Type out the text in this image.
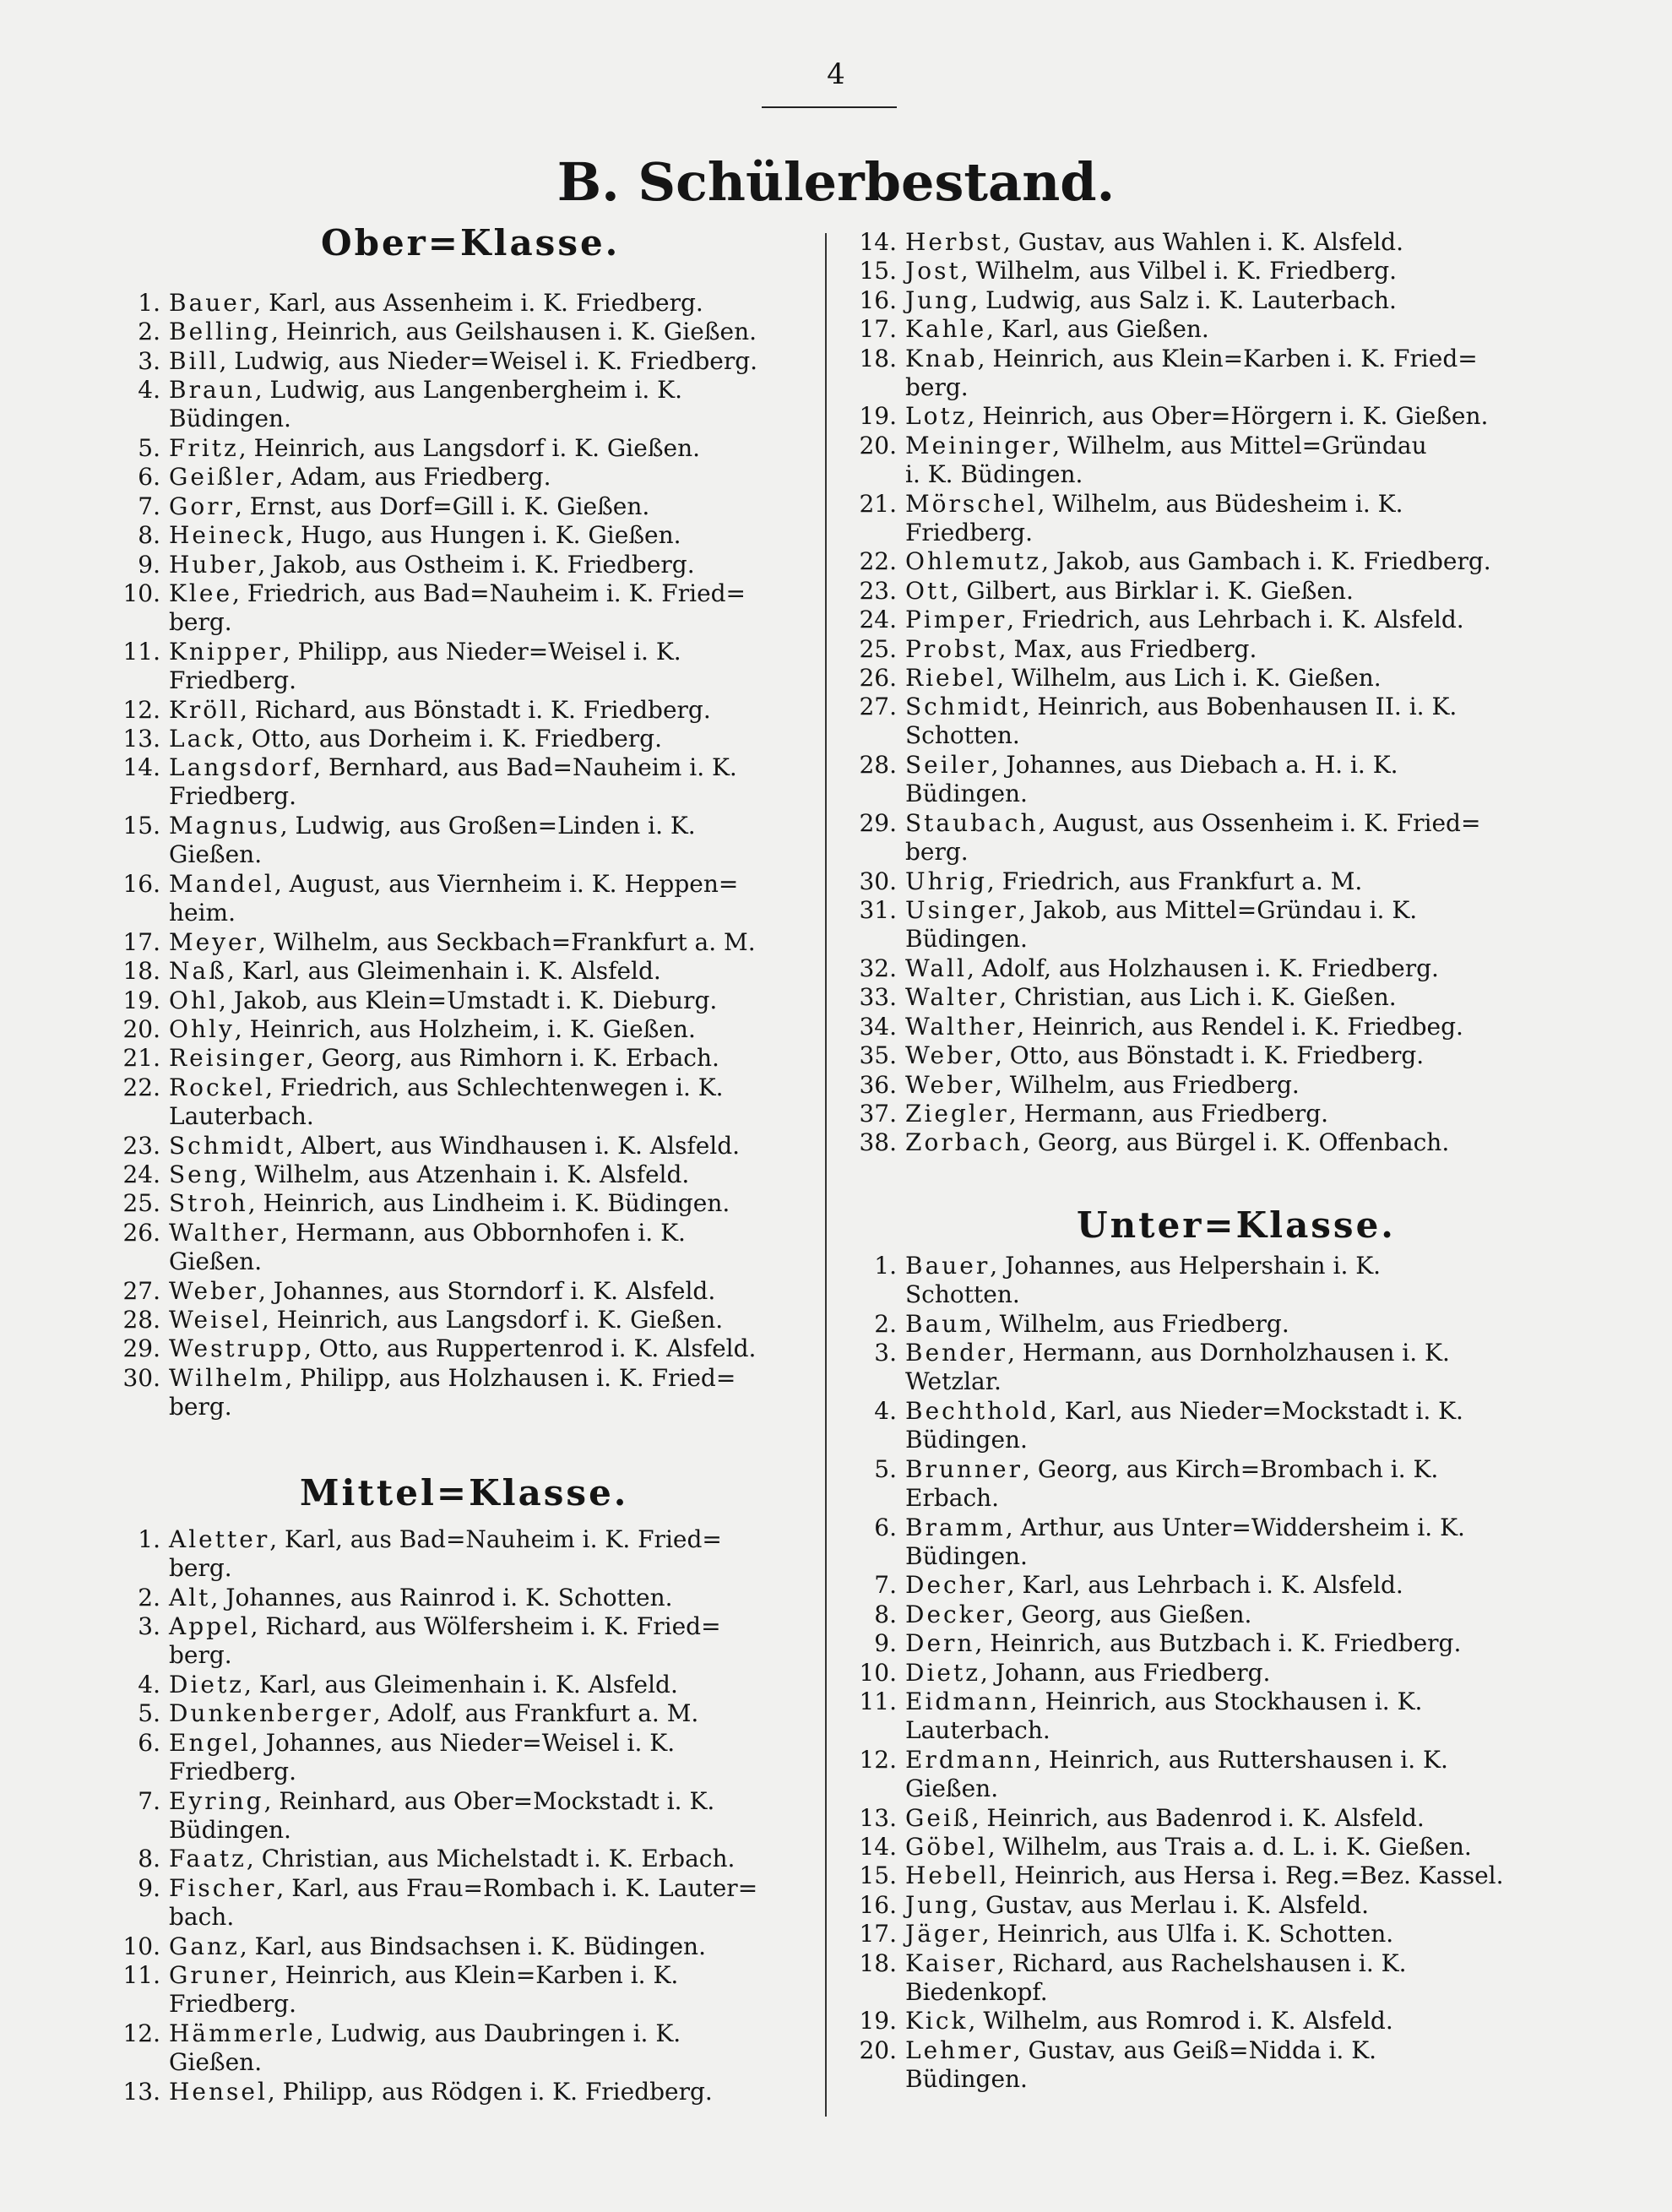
4
B. Schülerbestand.
Ober=Klasse.
1. Bauer, Karl, aus Assenheim i. K. Friedberg.
2. Belling, Heinrich, aus Geilshausen i. K. Gießen.
3. Bill, Ludwig, aus Nieder=Weisel i. K. Friedberg.
4. Braun, Ludwig, aus Langenbergheim i. K.
Büdingen.
5. Fritz, Heinrich, aus Langsdorf i. K. Gießen.
6. Geißler, Adam, aus Friedberg.
7. Gorr, Ernst, aus Dorf=Gill i. K. Gießen.
8. Heineck, Hugo, aus Hungen i. K. Gießen.
9. Huber, Jakob, aus Ostheim i. K. Friedberg.
10. Klee, Friedrich, aus Bad=Nauheim i. K. Fried=
berg.
11. Knipper, Philipp, aus Nieder=Weisel i. K.
Friedberg.
12. Kröll, Richard, aus Bönstadt i. K. Friedberg.
13. Lack, Otto, aus Dorheim i. K. Friedberg.
14. Langsdorf, Bernhard, aus Bad=Nauheim i. K.
Friedberg.
15. Magnus, Ludwig, aus Großen=Linden i. K.
Gießen.
16. Mandel, August, aus Viernheim i. K. Heppen=
heim.
17. Meyer, Wilhelm, aus Seckbach=Frankfurt a. M.
18. Naß, Karl, aus Gleimenhain i. K. Alsfeld.
19. Ohl, Jakob, aus Klein=Umstadt i. K. Dieburg.
20. Ohly, Heinrich, aus Holzheim, i. K. Gießen.
21. Reisinger, Georg, aus Rimhorn i. K. Erbach.
22. Rockel, Friedrich, aus Schlechtenwegen i. K.
Lauterbach.
23. Schmidt, Albert, aus Windhausen i. K. Alsfeld.
24. Seng, Wilhelm, aus Atzenhain i. K. Alsfeld.
25. Stroh, Heinrich, aus Lindheim i. K. Büdingen.
26. Walther, Hermann, aus Obbornhofen i. K.
Gießen.
27. Weber, Johannes, aus Storndorf i. K. Alsfeld.
28. Weisel, Heinrich, aus Langsdorf i. K. Gießen.
29. Westrupp, Otto, aus Ruppertenrod i. K. Alsfeld.
30. Wilhelm, Philipp, aus Holzhausen i. K. Fried=
berg.
Mittel=Klasse.
1. Aletter, Karl, aus Bad=Nauheim i. K. Fried=
berg.
2. Alt, Johannes, aus Rainrod i. K. Schotten.
3. Appel, Richard, aus Wölfersheim i. K. Fried=
berg.
4. Dietz, Karl, aus Gleimenhain i. K. Alsfeld.
5. Dunkenberger, Adolf, aus Frankfurt a. M.
6. Engel, Johannes, aus Nieder=Weisel i. K.
Friedberg.
7. Eyring, Reinhard, aus Ober=Mockstadt i. K.
Büdingen.
8. Faatz, Christian, aus Michelstadt i. K. Erbach.
9. Fischer, Karl, aus Frau=Rombach i. K. Lauter=
bach.
10. Ganz, Karl, aus Bindsachsen i. K. Büdingen.
11. Gruner, Heinrich, aus Klein=Karben i. K.
Friedberg.
12. Hämmerle, Ludwig, aus Daubringen i. K.
Gießen.
13. Hensel, Philipp, aus Rödgen i. K. Friedberg.
14. Herbst, Gustav, aus Wahlen i. K. Alsfeld.
15. Jost, Wilhelm, aus Vilbel i. K. Friedberg.
16. Jung, Ludwig, aus Salz i. K. Lauterbach.
17. Kahle, Karl, aus Gießen.
18. Knab, Heinrich, aus Klein=Karben i. K. Fried=
berg.
19. Lotz, Heinrich, aus Ober=Hörgern i. K. Gießen.
20. Meininger, Wilhelm, aus Mittel=Gründau
i. K. Büdingen.
21. Mörschel, Wilhelm, aus Büdesheim i. K.
Friedberg.
22. Ohlemutz, Jakob, aus Gambach i. K. Friedberg.
23. Ott, Gilbert, aus Birklar i. K. Gießen.
24. Pimper, Friedrich, aus Lehrbach i. K. Alsfeld.
25. Probst, Max, aus Friedberg.
26. Riebel, Wilhelm, aus Lich i. K. Gießen.
27. Schmidt, Heinrich, aus Bobenhausen II. i. K.
Schotten.
28. Seiler, Johannes, aus Diebach a. H. i. K.
Büdingen.
29. Staubach, August, aus Ossenheim i. K. Fried=
berg.
30. Uhrig, Friedrich, aus Frankfurt a. M.
31. Usinger, Jakob, aus Mittel=Gründau i. K.
Büdingen.
32. Wall, Adolf, aus Holzhausen i. K. Friedberg.
33. Walter, Christian, aus Lich i. K. Gießen.
34. Walther, Heinrich, aus Rendel i. K. Friedbeg.
35. Weber, Otto, aus Bönstadt i. K. Friedberg.
36. Weber, Wilhelm, aus Friedberg.
37. Ziegler, Hermann, aus Friedberg.
38. Zorbach, Georg, aus Bürgel i. K. Offenbach.
Unter=Klasse.
1. Bauer, Johannes, aus Helpershain i. K.
Schotten.
2. Baum, Wilhelm, aus Friedberg.
3. Bender, Hermann, aus Dornholzhausen i. K.
Wetzlar.
4. Bechthold, Karl, aus Nieder=Mockstadt i. K.
Büdingen.
5. Brunner, Georg, aus Kirch=Brombach i. K.
Erbach.
6. Bramm, Arthur, aus Unter=Widdersheim i. K.
Büdingen.
7. Decher, Karl, aus Lehrbach i. K. Alsfeld.
8. Decker, Georg, aus Gießen.
9. Dern, Heinrich, aus Butzbach i. K. Friedberg.
10. Dietz, Johann, aus Friedberg.
11. Eidmann, Heinrich, aus Stockhausen i. K.
Lauterbach.
12. Erdmann, Heinrich, aus Ruttershausen i. K.
Gießen.
13. Geiß, Heinrich, aus Badenrod i. K. Alsfeld.
14. Göbel, Wilhelm, aus Trais a. d. L. i. K. Gießen.
15. Hebell, Heinrich, aus Hersa i. Reg.=Bez. Kassel.
16. Jung, Gustav, aus Merlau i. K. Alsfeld.
17. Jäger, Heinrich, aus Ulfa i. K. Schotten.
18. Kaiser, Richard, aus Rachelshausen i. K.
Biedenkopf.
19. Kick, Wilhelm, aus Romrod i. K. Alsfeld.
20. Lehmer, Gustav, aus Geiß=Nidda i. K.
Büdingen.
